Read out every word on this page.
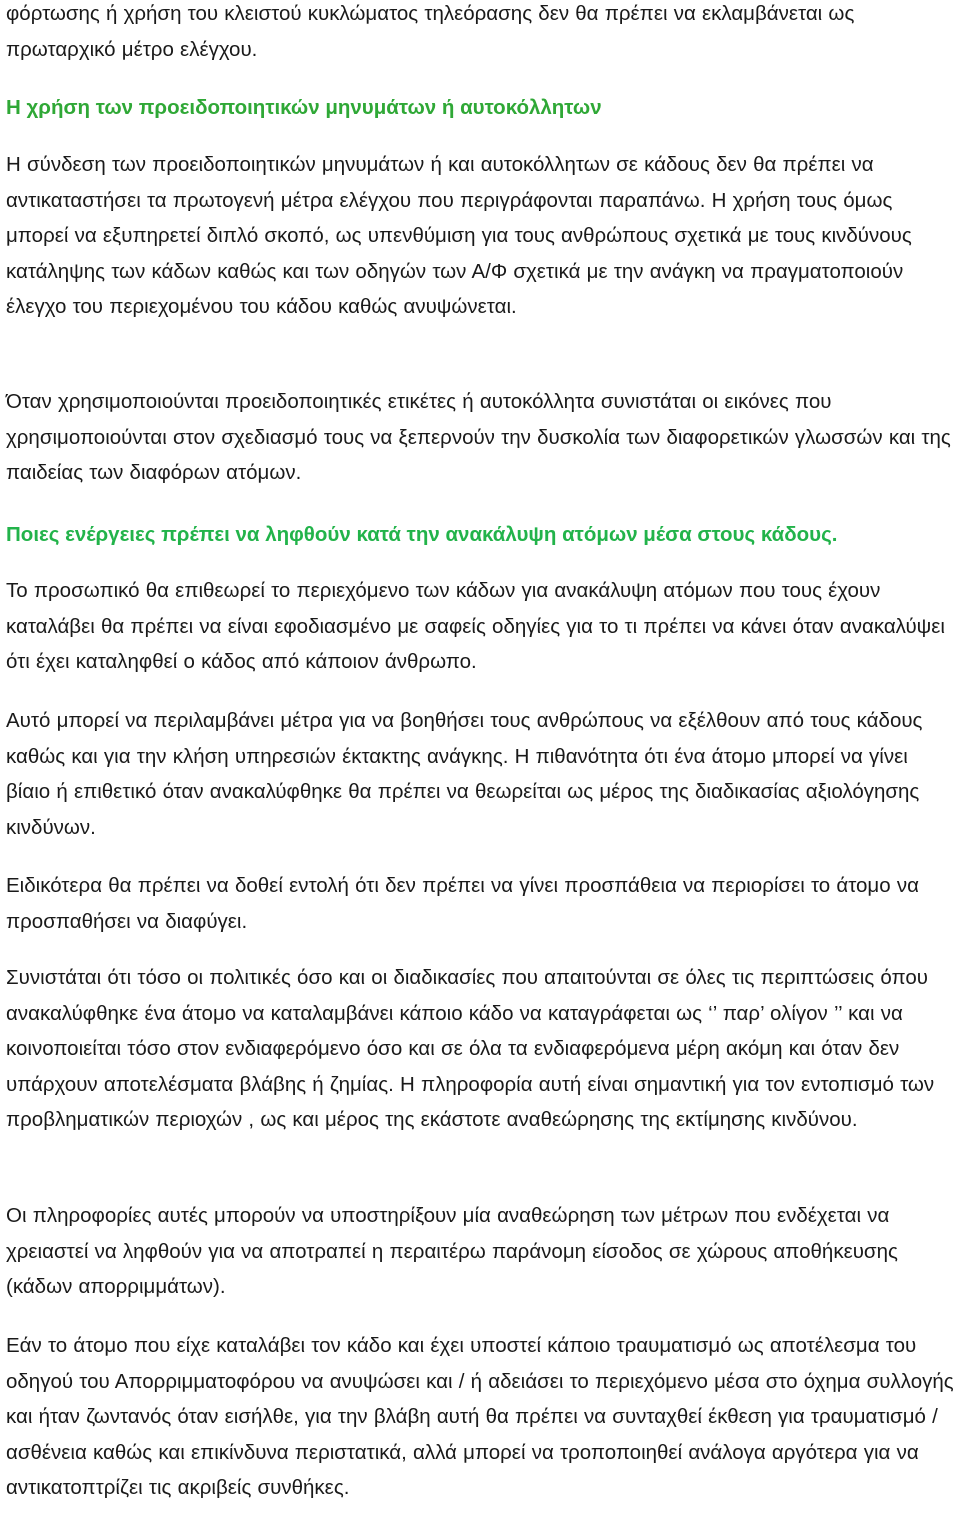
φόρτωσης ή χρήση του κλειστού κυκλώματος τηλεόρασης δεν θα πρέπει να εκλαμβάνεται ως πρωταρχικό μέτρο ελέγχου.

Η χρήση των προειδοποιητικών μηνυμάτων ή αυτοκόλλητων

Η σύνδεση των προειδοποιητικών μηνυμάτων ή και αυτοκόλλητων σε κάδους δεν θα πρέπει να αντικαταστήσει τα πρωτογενή μέτρα ελέγχου που περιγράφονται παραπάνω. Η χρήση τους όμως μπορεί να εξυπηρετεί διπλό σκοπό, ως υπενθύμιση για τους ανθρώπους σχετικά με τους κινδύνους κατάληψης των κάδων καθώς και των οδηγών των Α/Φ σχετικά με την ανάγκη να πραγματοποιούν έλεγχο του περιεχομένου του κάδου καθώς ανυψώνεται.

Όταν χρησιμοποιούνται προειδοποιητικές ετικέτες ή αυτοκόλλητα συνιστάται οι εικόνες που χρησιμοποιούνται στον σχεδιασμό τους να ξεπερνούν την δυσκολία των διαφορετικών γλωσσών και της παιδείας των διαφόρων ατόμων.

Ποιες ενέργειες πρέπει να ληφθούν κατά την ανακάλυψη ατόμων μέσα στους κάδους.

Το προσωπικό θα επιθεωρεί το περιεχόμενο των κάδων για ανακάλυψη ατόμων που τους έχουν καταλάβει θα πρέπει να είναι εφοδιασμένο με σαφείς οδηγίες για το τι πρέπει να κάνει όταν ανακαλύψει ότι έχει καταληφθεί ο κάδος από κάποιον άνθρωπο.

Αυτό μπορεί να περιλαμβάνει μέτρα για να βοηθήσει τους ανθρώπους να εξέλθουν από τους κάδους καθώς και για την κλήση υπηρεσιών έκτακτης ανάγκης. Η πιθανότητα ότι ένα άτομο μπορεί να γίνει βίαιο ή επιθετικό όταν ανακαλύφθηκε θα πρέπει να θεωρείται ως μέρος της διαδικασίας αξιολόγησης κινδύνων.

Ειδικότερα θα πρέπει να δοθεί εντολή ότι δεν πρέπει να γίνει προσπάθεια να περιορίσει το άτομο να προσπαθήσει να διαφύγει.

Συνιστάται ότι τόσο οι πολιτικές όσο και οι διαδικασίες που απαιτούνται σε όλες τις περιπτώσεις όπου ανακαλύφθηκε ένα άτομο να καταλαμβάνει κάποιο κάδο να καταγράφεται ως ‘’ παρ’ ολίγον ’’ και να κοινοποιείται τόσο στον ενδιαφερόμενο όσο και σε όλα τα ενδιαφερόμενα μέρη ακόμη και όταν δεν υπάρχουν αποτελέσματα βλάβης ή ζημίας. Η πληροφορία αυτή είναι σημαντική για τον εντοπισμό των προβληματικών περιοχών , ως και μέρος της εκάστοτε αναθεώρησης της εκτίμησης κινδύνου.

Οι πληροφορίες αυτές μπορούν να υποστηρίξουν μία αναθεώρηση των μέτρων που ενδέχεται να χρειαστεί να ληφθούν για να αποτραπεί η περαιτέρω παράνομη είσοδος σε χώρους αποθήκευσης (κάδων απορριμμάτων).

Εάν το άτομο που είχε καταλάβει τον κάδο και έχει υποστεί κάποιο τραυματισμό ως αποτέλεσμα του οδηγού του Απορριμματοφόρου να ανυψώσει και / ή αδειάσει το περιεχόμενο μέσα στο όχημα συλλογής και ήταν ζωντανός όταν εισήλθε, για την βλάβη αυτή θα πρέπει να συνταχθεί έκθεση για τραυματισμό / ασθένεια καθώς και επικίνδυνα περιστατικά, αλλά μπορεί να τροποποιηθεί ανάλογα αργότερα για να αντικατοπτρίζει τις ακριβείς συνθήκες.
